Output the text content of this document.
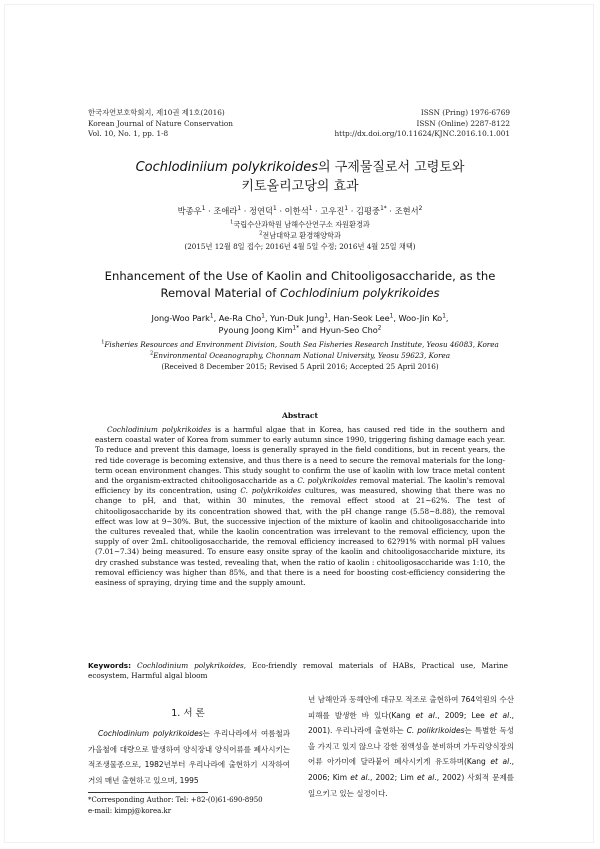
한국자연보호학회지, 제10권 제1호(2016)
Korean Journal of Nature Conservation
Vol. 10, No. 1, pp. 1-8
ISSN (Pring) 1976-6769
ISSN (Online) 2287-8122
http://dx.doi.org/10.11624/KJNC.2016.10.1.001
Cochlodiniium polykrikoides의 구제물질로서 고령토와
키토올리고당의 효과
박종우$^1$ · 조애라$^1$ · 정연덕$^1$ · 이한석$^1$ · 고우진$^1$ · 김평중$^{1*}$ · 조현서$^2$
$^1$국립수산과학원 남해수산연구소 자원환경과
$^2$전남대학교 환경해양학과
(2015년 12월 8일 접수; 2016년 4월 5일 수정; 2016년 4월 25일 채택)
Enhancement of the Use of Kaolin and Chitooligosaccharide, as the
Removal Material of Cochlodinium polykrikoides
Jong-Woo Park$^1$, Ae-Ra Cho$^1$, Yun-Duk Jung$^1$, Han-Seok Lee$^1$, Woo-Jin Ko$^1$,
Pyoung Joong Kim$^{1*}$ and Hyun-Seo Cho$^2$
$^1$Fisheries Resources and Environment Division, South Sea Fisheries Research Institute, Yeosu 46083, Korea
$^2$Environmental Oceanography, Chonnam National University, Yeosu 59623, Korea
(Received 8 December 2015; Revised 5 April 2016; Accepted 25 April 2016)
Abstract
Cochlodinium polykrikoides is a harmful algae that in Korea, has caused red tide in the southern and eastern coastal water of Korea from summer to early autumn since 1990, triggering fishing damage each year. To reduce and prevent this damage, loess is generally sprayed in the field conditions, but in recent years, the red tide coverage is becoming extensive, and thus there is a need to secure the removal materials for the long-term ocean environment changes. This study sought to confirm the use of kaolin with low trace metal content and the organism-extracted chitooligosaccharide as a C. polykrikoides removal material. The kaolin's removal efficiency by its concentration, using C. polykrikoides cultures, was measured, showing that there was no change to pH, and that, within 30 minutes, the removal effect stood at 21~62%. The test of chitooligosaccharide by its concentration showed that, with the pH change range (5.58~8.88), the removal effect was low at 9~30%. But, the successive injection of the mixture of kaolin and chitooligosaccharide into the cultures revealed that, while the kaolin concentration was irrelevant to the removal efficiency, upon the supply of over 2mL chitooligosaccharide, the removal efficiency increased to 62?91% with normal pH values (7.01~7.34) being measured. To ensure easy onsite spray of the kaolin and chitooligosaccharide mixture, its dry crashed substance was tested, revealing that, when the ratio of kaolin : chitooligosaccharide was 1:10, the removal efficiency was higher than 85%, and that there is a need for boosting cost-efficiency considering the easiness of spraying, drying time and the supply amount.
Keywords: Cochlodinium polykrikoides, Eco-friendly removal materials of HABs, Practical use, Marine ecosystem, Harmful algal bloom
1. 서 론
Cochlodinium polykrikoides는 우리나라에서 여름철과 가을철에 대량으로 발생하여 양식장내 양식어류를 폐사시키는 적조생물종으로, 1982년부터 우리나라에 출현하기 시작하여 거의 매년 출현하고 있으며, 1995
년 남해안과 동해안에 대규모 적조로 출현하여 764억원의 수산피해를 발생한 바 있다(Kang et al., 2009; Lee et al., 2001). 우리나라에 출현하는 C. polikrikoides는 특별한 독성을 가지고 있지 않으나 강한 점액성을 분비하며 가두리양식장의 어류 아가미에 달라붙어 폐사시키게 유도하며(Kang et al., 2006; Kim et al., 2002; Lim et al., 2002) 사회적 문제를 일으키고 있는 실정이다.
*Corresponding Author: Tel: +82-(0)61-690-8950
e-mail: kimpj@korea.kr
